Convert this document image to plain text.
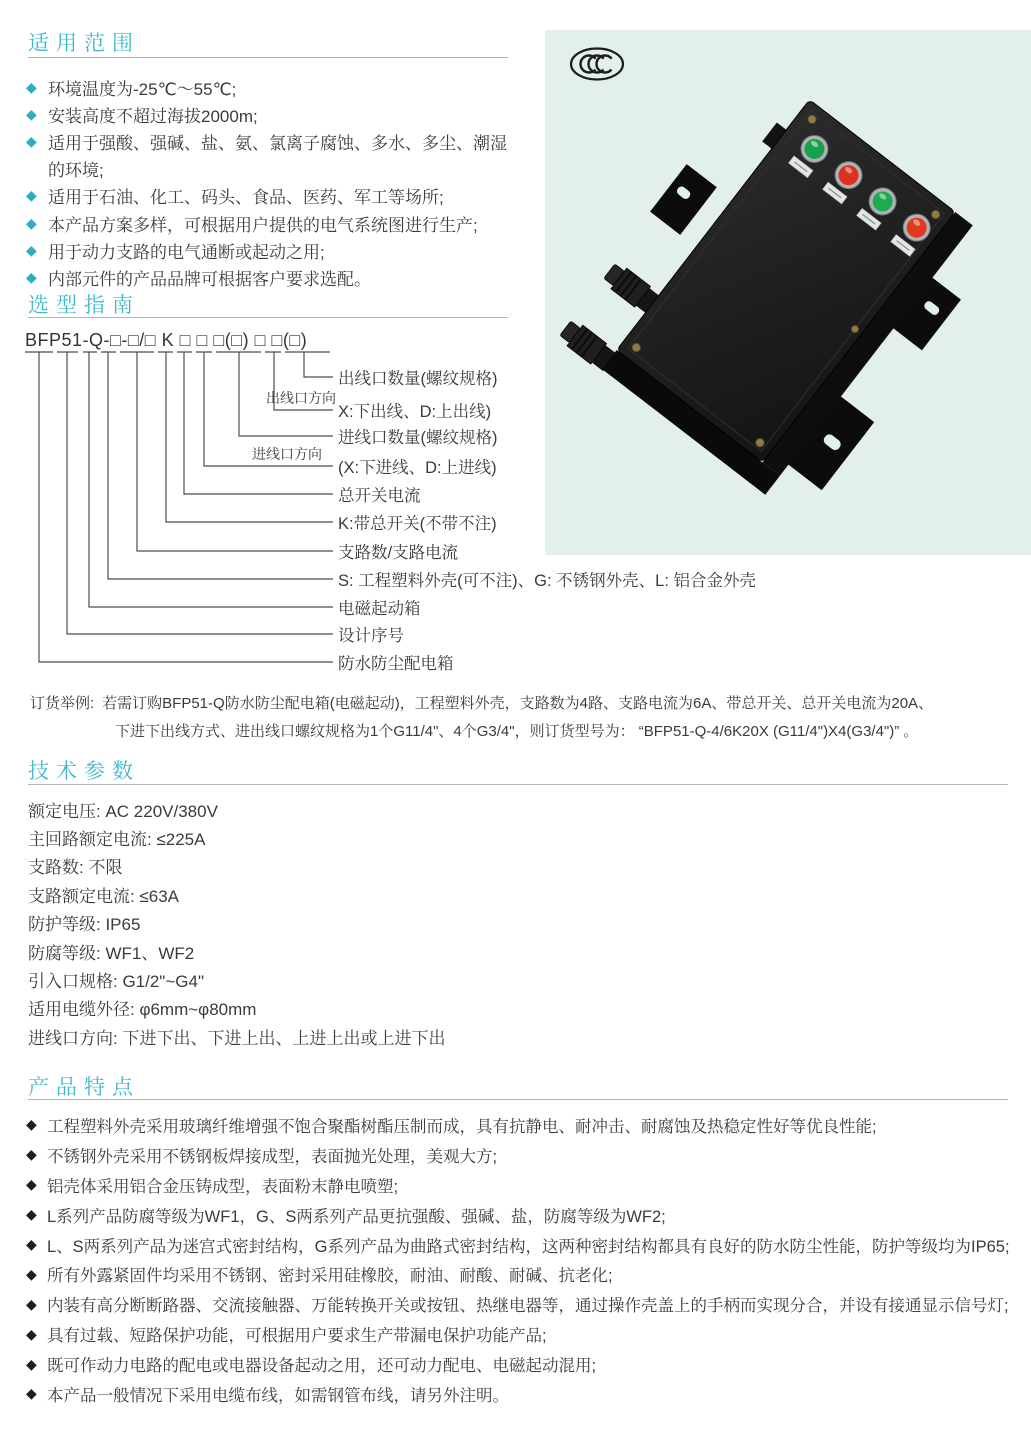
适用范围
◆ 环境温度为-25℃～55℃;
◆ 安装高度不超过海拔2000m;
◆ 适用于强酸、强碱、盐、氨、氯离子腐蚀、多水、多尘、潮湿
的环境;
◆ 适用于石油、化工、码头、食品、医药、军工等场所;
◆ 本产品方案多样，可根据用户提供的电气系统图进行生产;
◆ 用于动力支路的电气通断或起动之用;
◆ 内部元件的产品品牌可根据客户要求选配。
选型指南
BFP51-Q-□-□/□ K □ □ □(□) □ □(□)
出线口数量(螺纹规格)
出线口方向
X:下出线、D:上出线)
进线口数量(螺纹规格)
进线口方向
(X:下进线、D:上进线)
总开关电流
K:带总开关(不带不注)
支路数/支路电流
S: 工程塑料外壳(可不注)、G: 不锈钢外壳、L: 铝合金外壳
电磁起动箱
设计序号
防水防尘配电箱
订货举例: 若需订购BFP51-Q防水防尘配电箱(电磁起动)，工程塑料外壳，支路数为4路、支路电流为6A、带总开关、总开关电流为20A、
下进下出线方式、进出线口螺纹规格为1个G11/4"、4个G3/4"，则订货型号为： “BFP51-Q-4/6K20X (G11/4")X4(G3/4")” 。
技术参数
额定电压: AC 220V/380V
主回路额定电流: ≤225A
支路数: 不限
支路额定电流: ≤63A
防护等级: IP65
防腐等级: WF1、WF2
引入口规格: G1/2"~G4"
适用电缆外径: φ6mm~φ80mm
进线口方向: 下进下出、下进上出、上进上出或上进下出
产品特点
◆ 工程塑料外壳采用玻璃纤维增强不饱合聚酯树酯压制而成，具有抗静电、耐冲击、耐腐蚀及热稳定性好等优良性能;
◆ 不锈钢外壳采用不锈钢板焊接成型，表面抛光处理，美观大方;
◆ 铝壳体采用铝合金压铸成型，表面粉末静电喷塑;
◆ L系列产品防腐等级为WF1，G、S两系列产品更抗强酸、强碱、盐，防腐等级为WF2;
◆ L、S两系列产品为迷宫式密封结构，G系列产品为曲路式密封结构，这两种密封结构都具有良好的防水防尘性能，防护等级均为IP65;
◆ 所有外露紧固件均采用不锈钢、密封采用硅橡胶，耐油、耐酸、耐碱、抗老化;
◆ 内装有高分断断路器、交流接触器、万能转换开关或按钮、热继电器等，通过操作壳盖上的手柄而实现分合，并设有接通显示信号灯;
◆ 具有过载、短路保护功能，可根据用户要求生产带漏电保护功能产品;
◆ 既可作动力电路的配电或电器设备起动之用，还可动力配电、电磁起动混用;
◆ 本产品一般情况下采用电缆布线，如需钢管布线，请另外注明。
